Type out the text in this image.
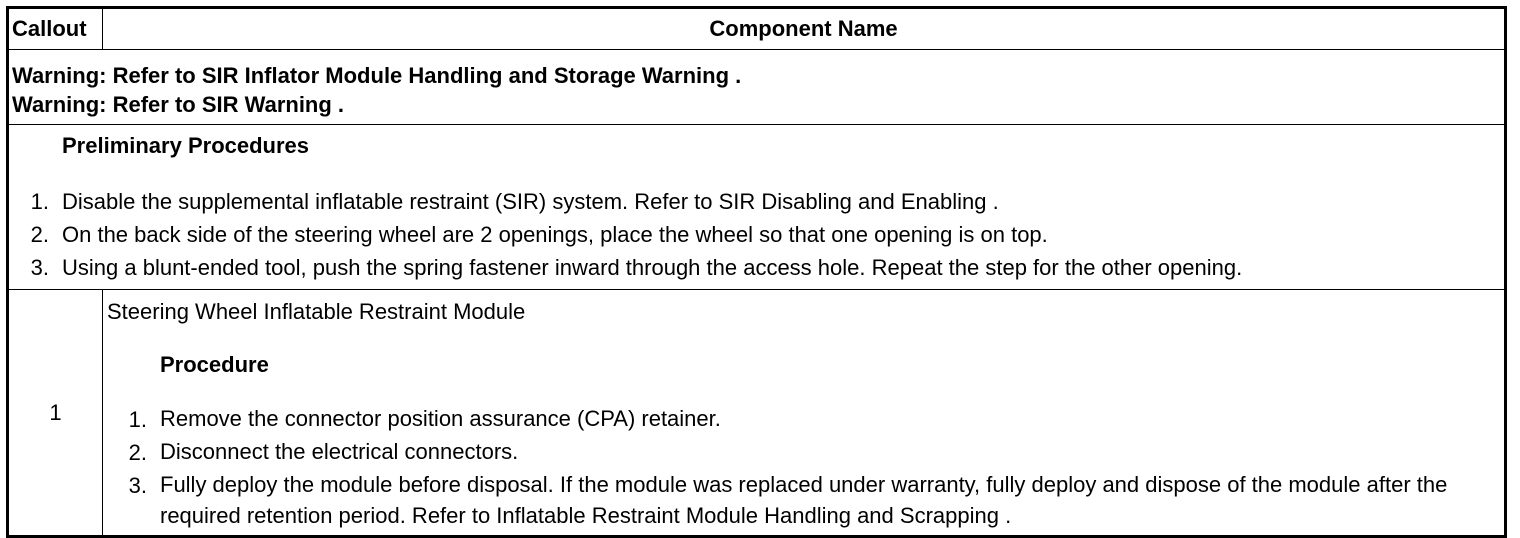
Callout	Component Name
Warning: Refer to SIR Inflator Module Handling and Storage Warning .
Warning: Refer to SIR Warning .

Preliminary Procedures

1. Disable the supplemental inflatable restraint (SIR) system. Refer to SIR Disabling and Enabling .
2. On the back side of the steering wheel are 2 openings, place the wheel so that one opening is on top.
3. Using a blunt-ended tool, push the spring fastener inward through the access hole. Repeat the step for the other opening.
1
Steering Wheel Inflatable Restraint Module

Procedure

1. Remove the connector position assurance (CPA) retainer.
2. Disconnect the electrical connectors.
3. Fully deploy the module before disposal. If the module was replaced under warranty, fully deploy and dispose of the module after the required retention period. Refer to Inflatable Restraint Module Handling and Scrapping .
